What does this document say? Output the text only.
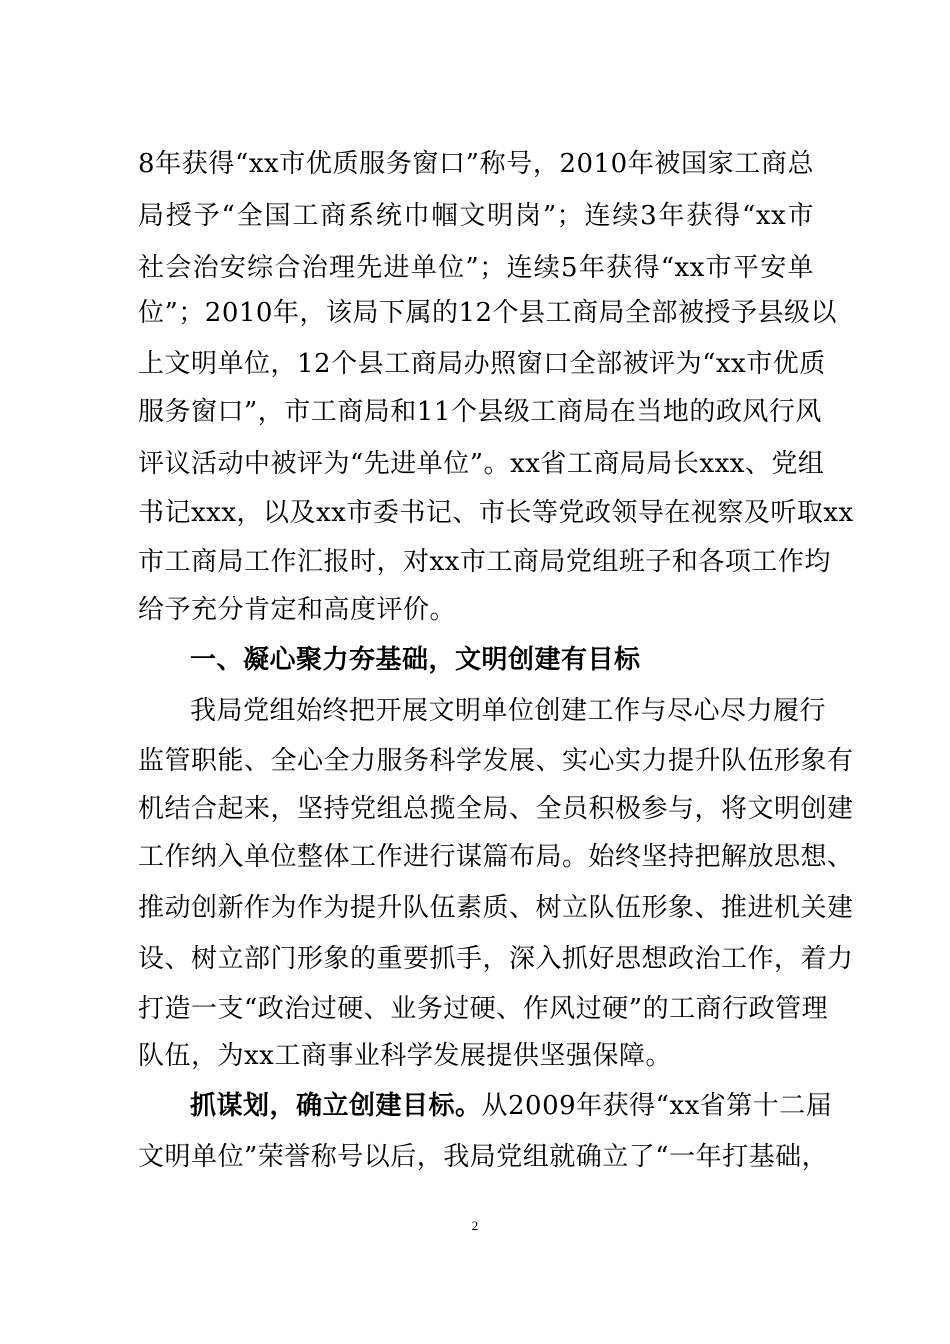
8年获得“xx市优质服务窗口”称号，2010年被国家工商总
局授予“全国工商系统巾帼文明岗”；连续3年获得“xx市
社会治安综合治理先进单位”；连续5年获得“xx市平安单
位”；2010年，该局下属的12个县工商局全部被授予县级以
上文明单位，12个县工商局办照窗口全部被评为“xx市优质
服务窗口”，市工商局和11个县级工商局在当地的政风行风
评议活动中被评为“先进单位”。xx省工商局局长xxx、党组
书记xxx，以及xx市委书记、市长等党政领导在视察及听取xx
市工商局工作汇报时，对xx市工商局党组班子和各项工作均
给予充分肯定和高度评价。
一、凝心聚力夯基础，文明创建有目标
我局党组始终把开展文明单位创建工作与尽心尽力履行
监管职能、全心全力服务科学发展、实心实力提升队伍形象有
机结合起来，坚持党组总揽全局、全员积极参与，将文明创建
工作纳入单位整体工作进行谋篇布局。始终坚持把解放思想、
推动创新作为作为提升队伍素质、树立队伍形象、推进机关建
设、树立部门形象的重要抓手，深入抓好思想政治工作，着力
打造一支“政治过硬、业务过硬、作风过硬”的工商行政管理
队伍，为xx工商事业科学发展提供坚强保障。
抓谋划，确立创建目标。从2009年获得“xx省第十二届
文明单位”荣誉称号以后，我局党组就确立了“一年打基础，
2
